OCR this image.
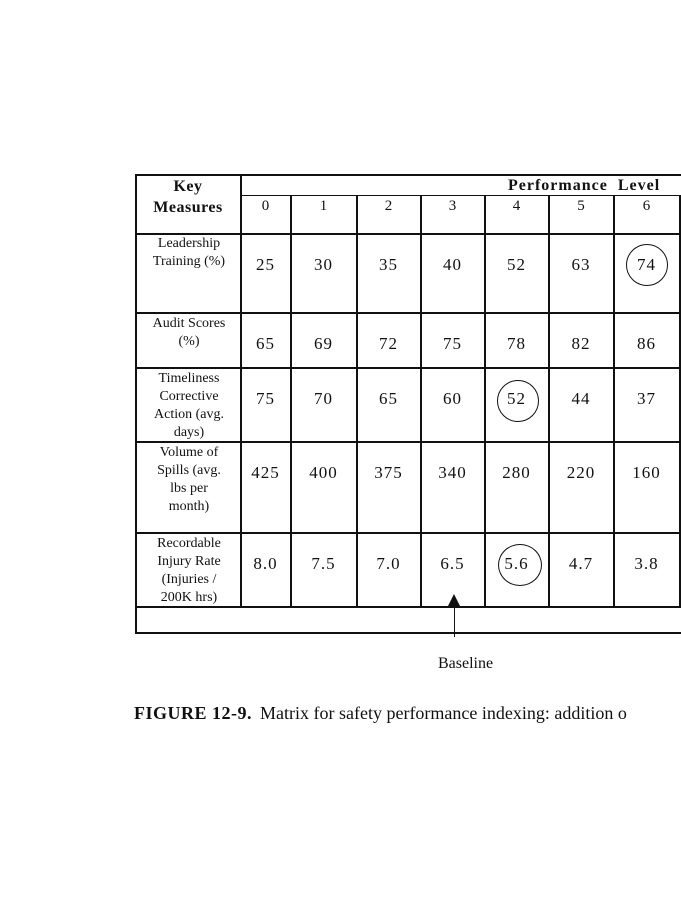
Key
Measures
Performance  Level
0	1	2	3	4	5	6
Leadership
Training (%)	25	30	35	40	52	63	74
Audit Scores
(%)	65	69	72	75	78	82	86
Timeliness
Corrective
Action (avg.
days)
75	70	65	60	52	44	37
Volume of
Spills (avg.
lbs per
month)
425	400	375	340	280	220	160
Recordable
Injury Rate
(Injuries /
200K hrs)
8.0	7.5	7.0	6.5	5.6	4.7	3.8
Baseline
FIGURE 12-9. Matrix for safety performance indexing: addition o
